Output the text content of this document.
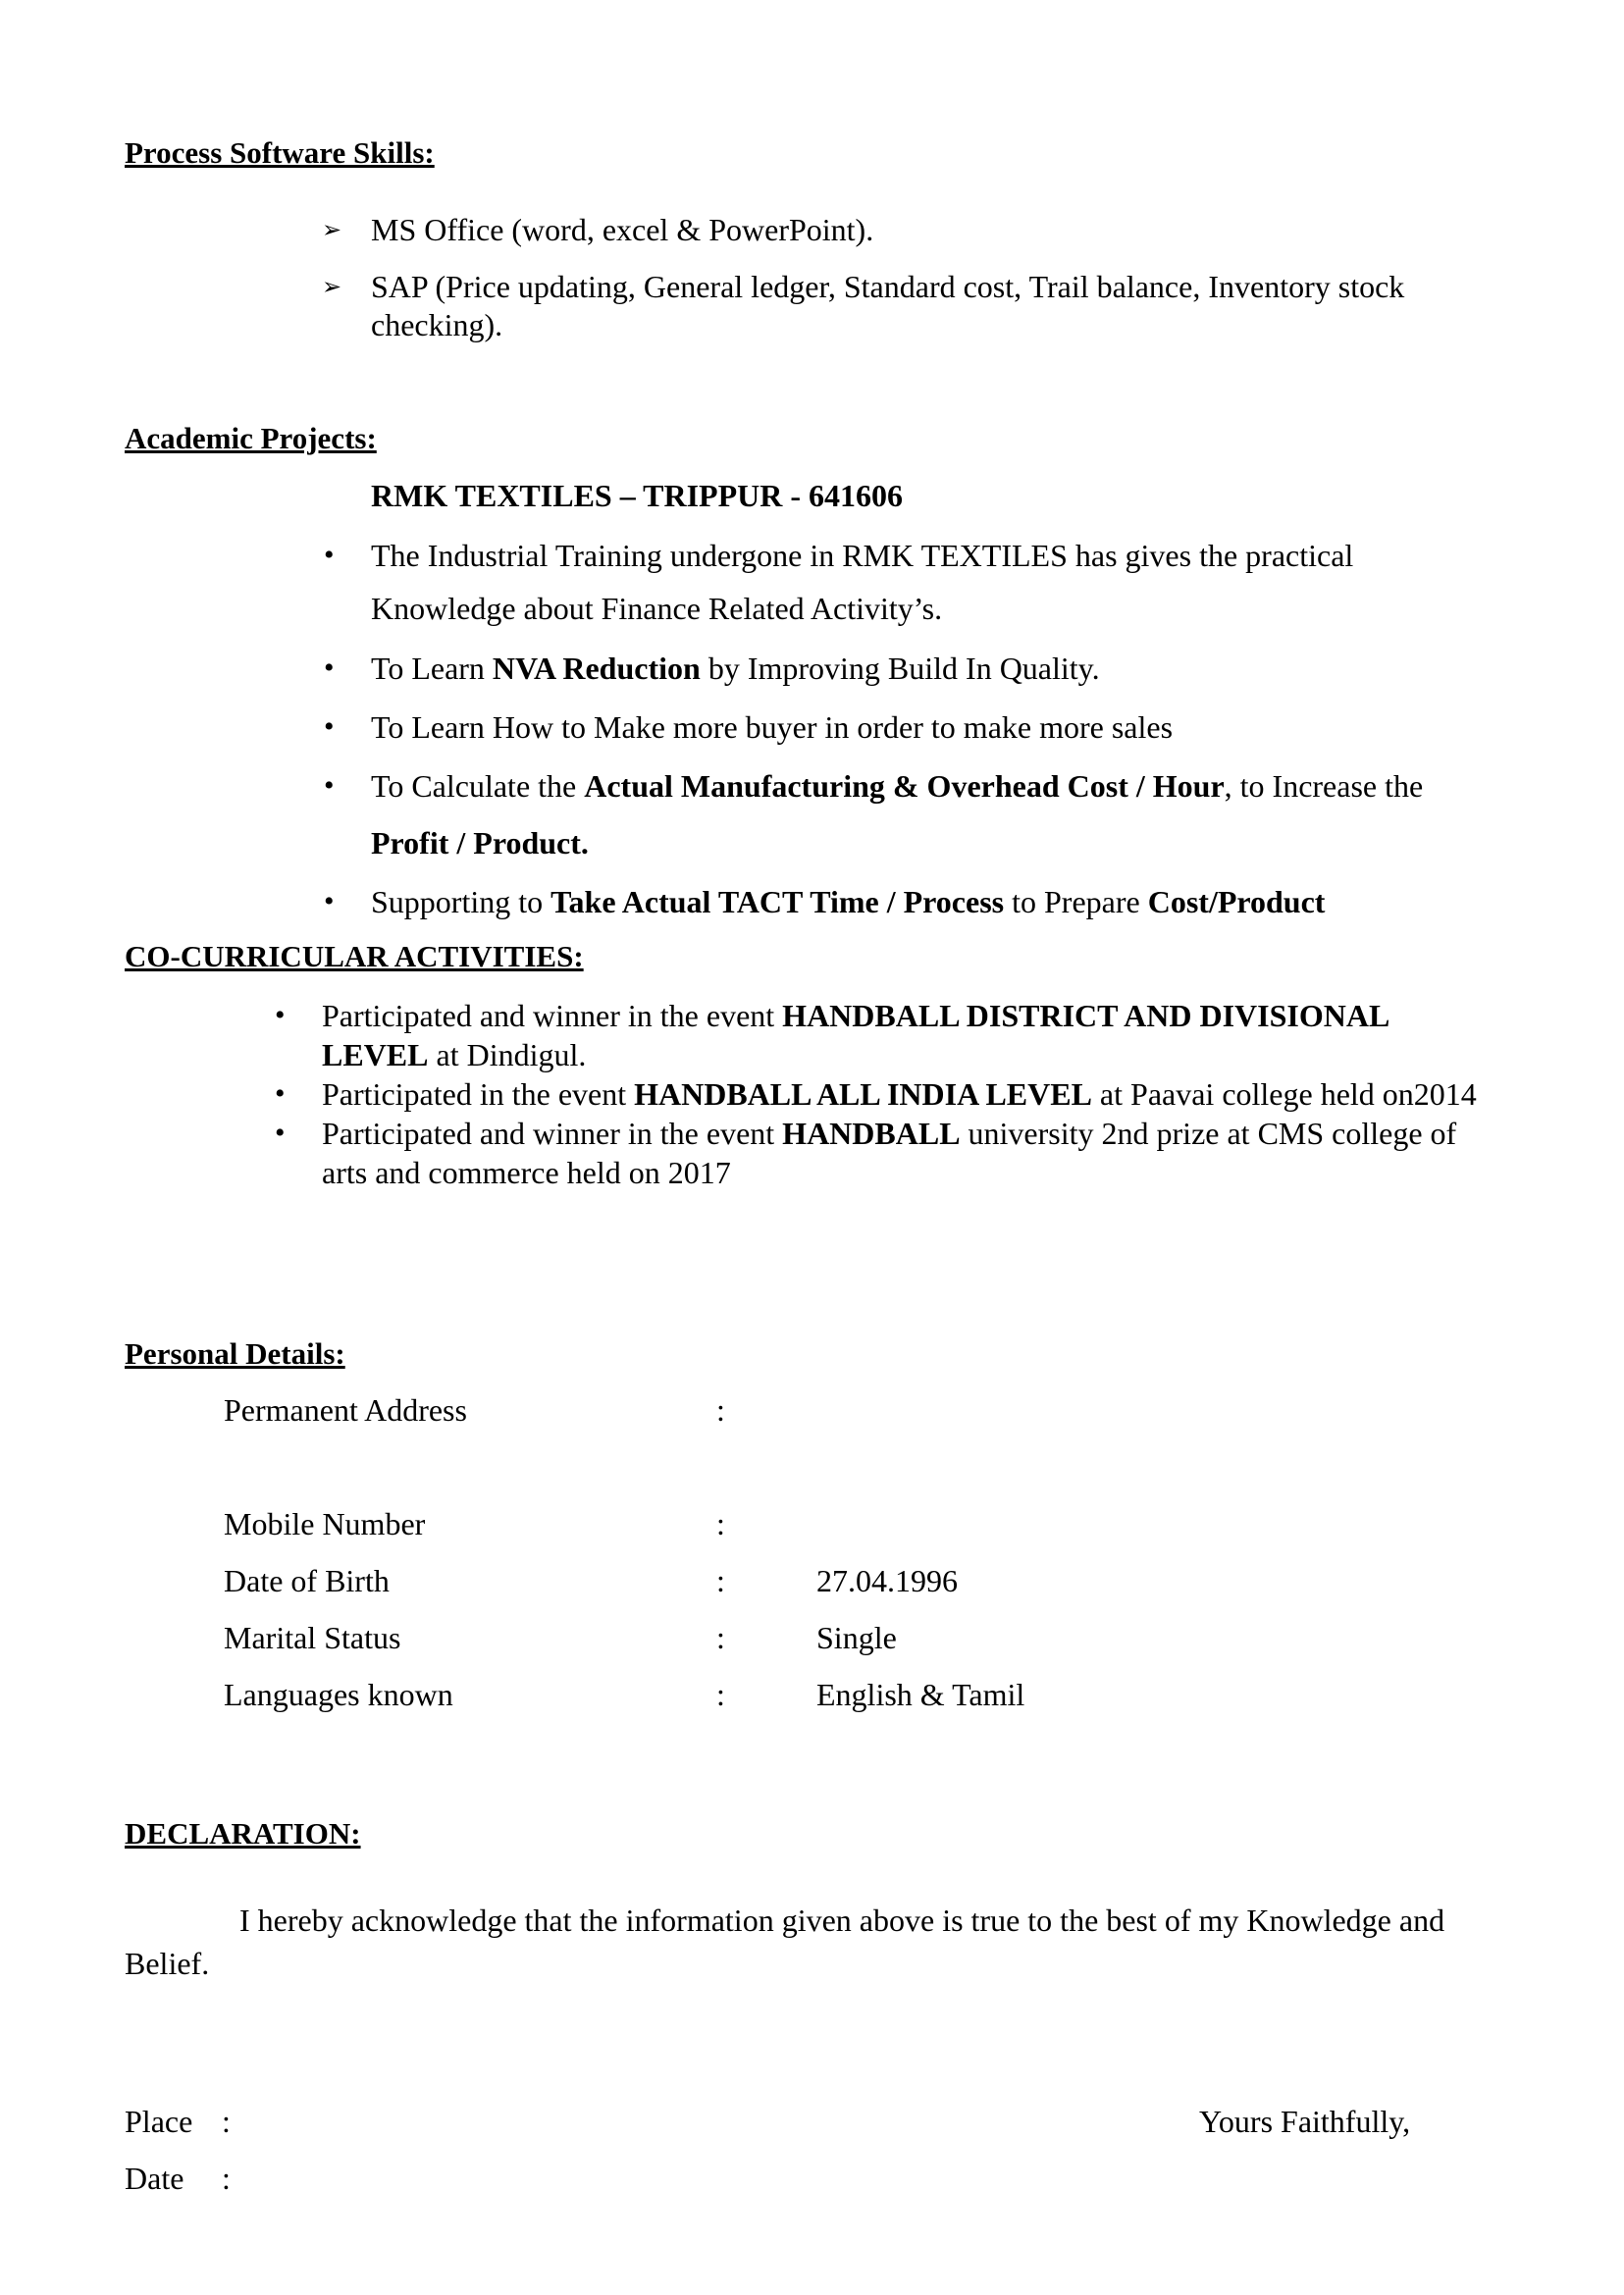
Process Software Skills:
➢ MS Office (word, excel & PowerPoint).
➢ SAP (Price updating, General ledger, Standard cost, Trail balance, Inventory stock
checking).
Academic Projects:
RMK TEXTILES – TRIPPUR - 641606
• The Industrial Training undergone in RMK TEXTILES has gives the practical
Knowledge about Finance Related Activity’s.
• To Learn NVA Reduction by Improving Build In Quality.
• To Learn How to Make more buyer in order to make more sales
• To Calculate the Actual Manufacturing & Overhead Cost / Hour, to Increase the
Profit / Product.
• Supporting to Take Actual TACT Time / Process to Prepare Cost/Product
CO-CURRICULAR ACTIVITIES:
• Participated and winner in the event HANDBALL DISTRICT AND DIVISIONAL
LEVEL at Dindigul.
• Participated in the event HANDBALL ALL INDIA LEVEL at Paavai college held on2014
• Participated and winner in the event HANDBALL university 2nd prize at CMS college of
arts and commerce held on 2017
Personal Details:
Permanent Address	:
Mobile Number	:
Date of Birth	:	27.04.1996
Marital Status	:	Single
Languages known	:	English & Tamil
DECLARATION:
I hereby acknowledge that the information given above is true to the best of my Knowledge and
Belief.
Place :	Yours Faithfully,
Date :
